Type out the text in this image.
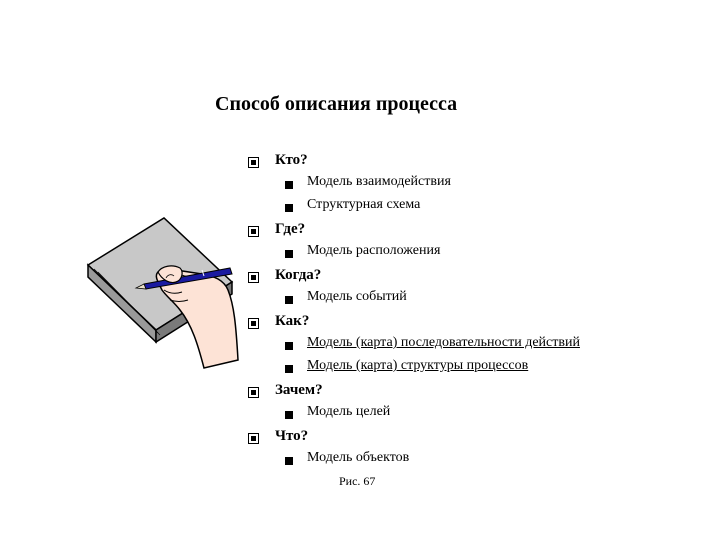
Способ описания процесса
Кто?
Модель взаимодействия
Структурная схема
Где?
Модель расположения
Когда?
Модель событий
Как?
Модель (карта) последовательности действий
Модель (карта) структуры процессов
Зачем?
Модель целей
Что?
Модель объектов
Рис. 67
